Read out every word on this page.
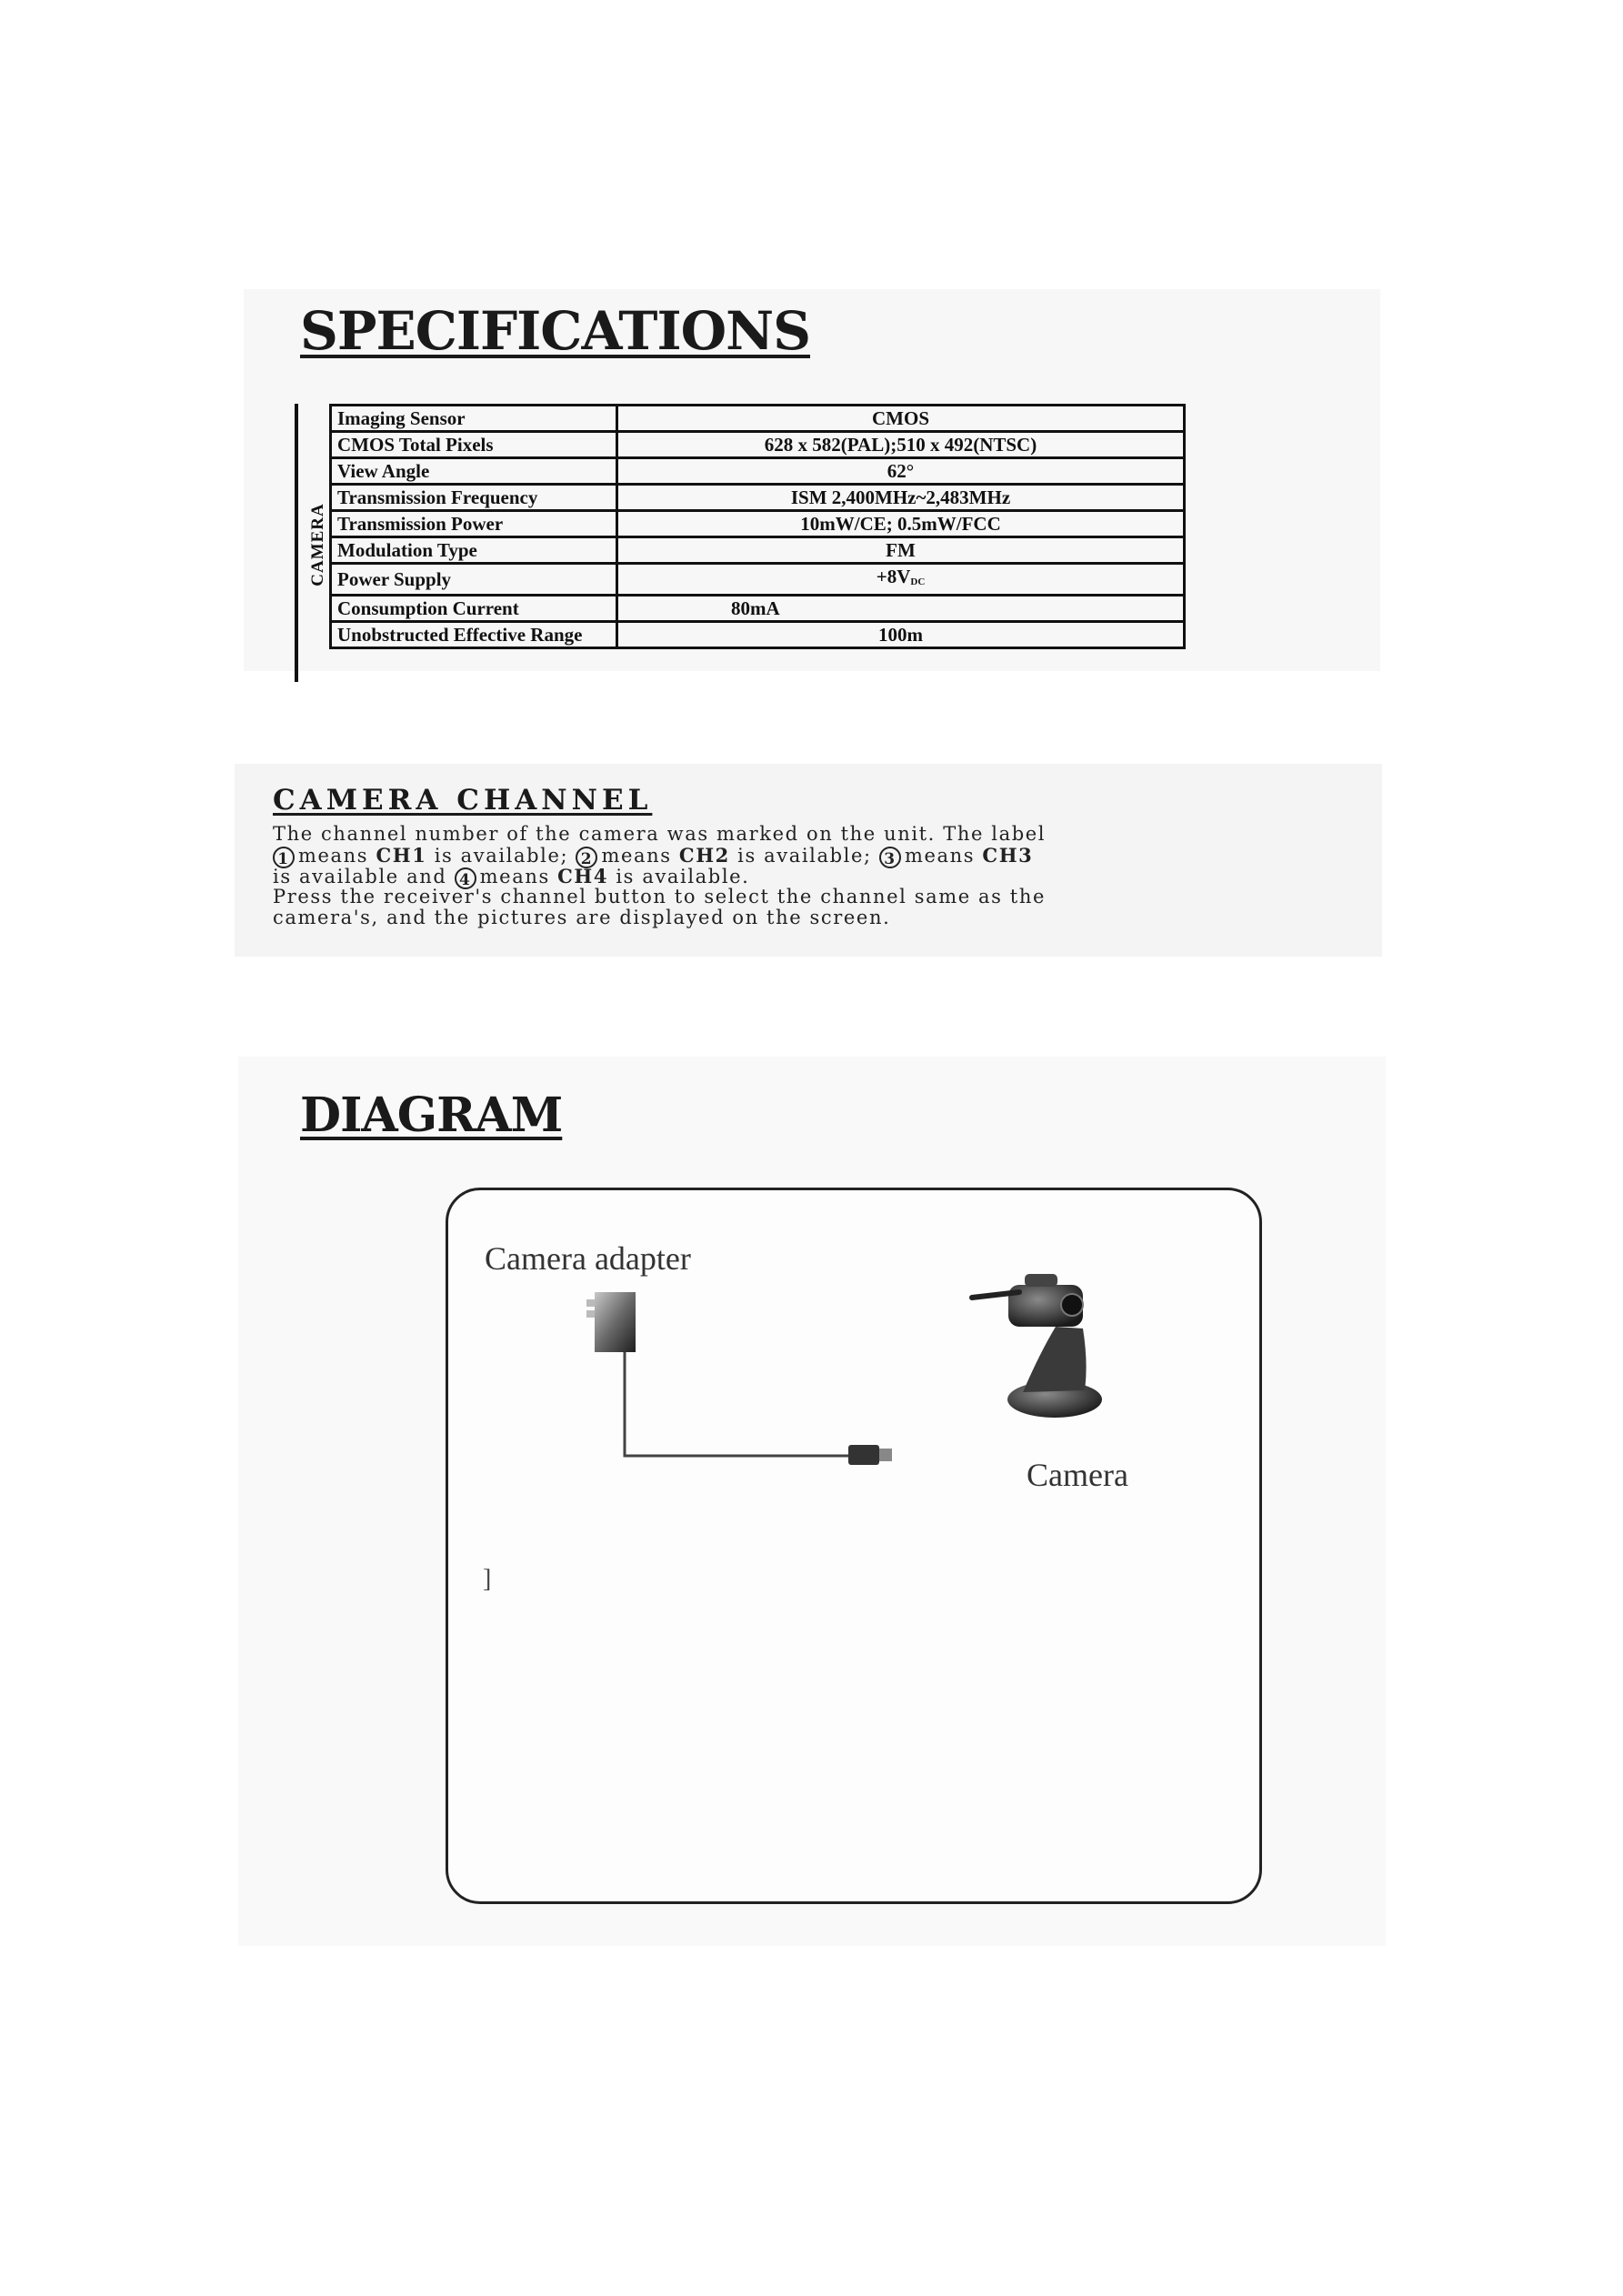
SPECIFICATIONS
CAMERA
Imaging Sensor	CMOS
CMOS Total Pixels	628 x 582(PAL);510 x 492(NTSC)
View Angle	62°
Transmission Frequency	ISM 2,400MHz~2,483MHz
Transmission Power	10mW/CE; 0.5mW/FCC
Modulation Type	FM
Power Supply	$+8V_{DC}$
Consumption Current	80mA
Unobstructed Effective Range	100m
CAMERA CHANNEL
The channel number of the camera was marked on the unit. The label
1 means CH1 is available; 2 means CH2 is available; 3 means CH3
is available and 4 means CH4 is available.
Press the receiver's channel button to select the channel same as the
camera's, and the pictures are displayed on the screen.
DIAGRAM
Camera adapter
Camera
]
